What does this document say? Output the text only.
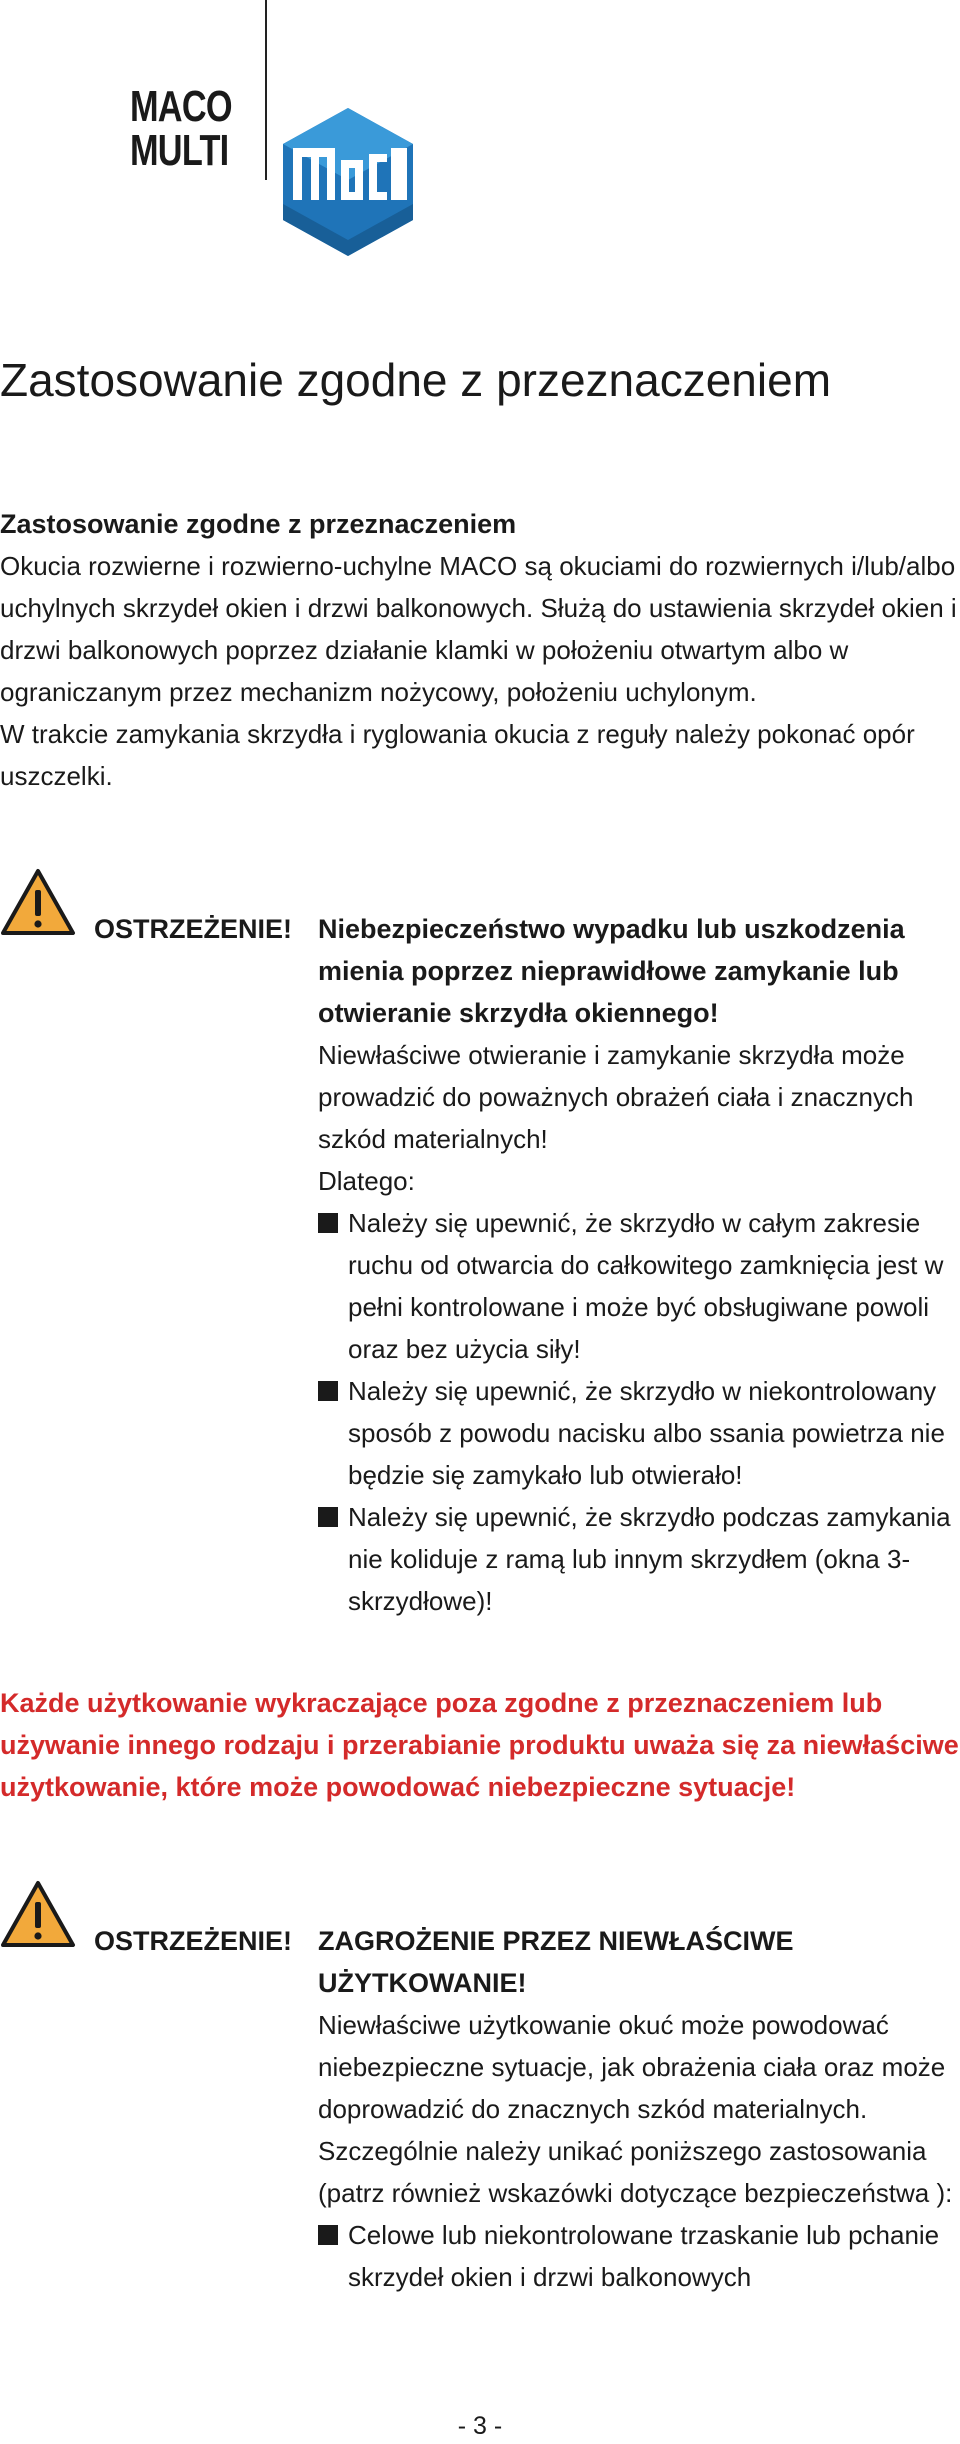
MACO
MULTI
Zastosowanie zgodne z przeznaczeniem

Zastosowanie zgodne z przeznaczeniem

Okucia rozwierne i rozwierno-uchylne MACO są okuciami do rozwiernych i/lub/albo uchylnych skrzydeł okien i drzwi balkonowych. Służą do ustawienia skrzydeł okien i drzwi balkonowych poprzez działanie klamki w położeniu otwartym albo w ograniczanym przez mechanizm nożycowy, położeniu uchylonym.

W trakcie zamykania skrzydła i ryglowania okucia z reguły należy pokonać opór uszczelki.

OSTRZEŻENIE! Niebezpieczeństwo wypadku lub uszkodzenia mienia poprzez nieprawidłowe zamykanie lub otwieranie skrzydła okiennego!

Niewłaściwe otwieranie i zamykanie skrzydła może prowadzić do poważnych obrażeń ciała i znacznych szkód materialnych!

Dlatego:

Należy się upewnić, że skrzydło w całym zakresie ruchu od otwarcia do całkowitego zamknięcia jest w pełni kontrolowane i może być obsługiwane powoli oraz bez użycia siły!
Należy się upewnić, że skrzydło w niekontrolowany sposób z powodu nacisku albo ssania powietrza nie będzie się zamykało lub otwierało!
Należy się upewnić, że skrzydło podczas zamykania nie koliduje z ramą lub innym skrzydłem (okna 3-skrzydłowe)!

Każde użytkowanie wykraczające poza zgodne z przeznaczeniem lub używanie innego rodzaju i przerabianie produktu uważa się za niewłaściwe użytkowanie, które może powodować niebezpieczne sytuacje!

OSTRZEŻENIE! ZAGROŻENIE PRZEZ NIEWŁAŚCIWE UŻYTKOWANIE!

Niewłaściwe użytkowanie okuć może powodować niebezpieczne sytuacje, jak obrażenia ciała oraz może doprowadzić do znacznych szkód materialnych. Szczególnie należy unikać poniższego zastosowania (patrz również wskazówki dotyczące bezpieczeństwa ):

Celowe lub niekontrolowane trzaskanie lub pchanie skrzydeł okien i drzwi balkonowych
- 3 -
